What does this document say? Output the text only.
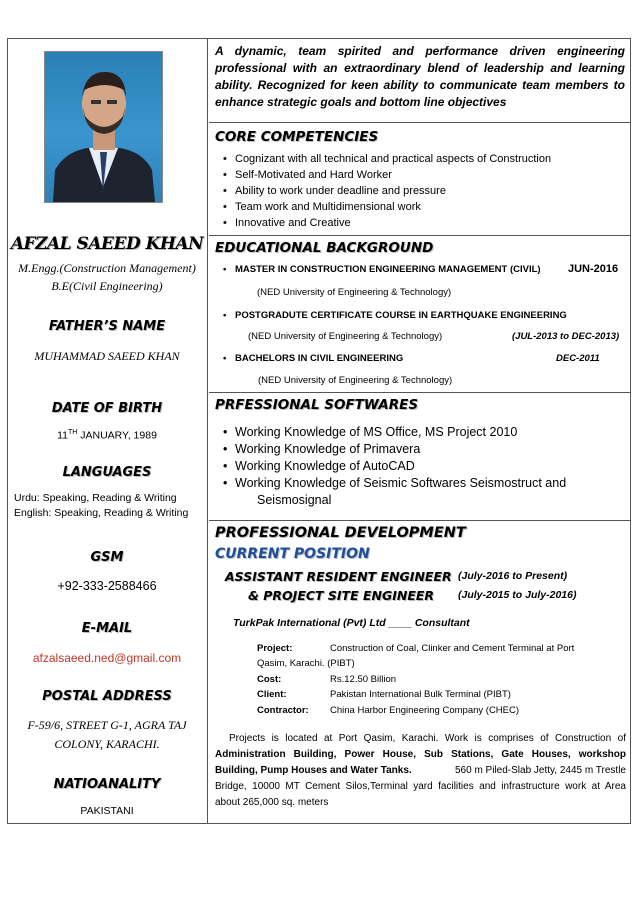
AFZAL SAEED KHAN
M.Engg.(Construction Management)
B.E(Civil Engineering)
FATHER’S NAME
MUHAMMAD SAEED KHAN
DATE OF BIRTH
11TH JANUARY, 1989
LANGUAGES
Urdu: Speaking, Reading & Writing
English: Speaking, Reading & Writing
GSM
+92-333-2588466
E-MAIL
afzalsaeed.ned@gmail.com
POSTAL ADDRESS
F-59/6, STREET G-1, AGRA TAJ
COLONY, KARACHI.
NATIOANALITY
PAKISTANI
A dynamic, team spirited and performance driven engineering professional with an extraordinary blend of leadership and learning ability. Recognized for keen ability to communicate team members to enhance strategic goals and bottom line objectives
CORE COMPETENCIES
• Cognizant with all technical and practical aspects of Construction
• Self-Motivated and Hard Worker
• Ability to work under deadline and pressure
• Team work and Multidimensional work
• Innovative and Creative
EDUCATIONAL BACKGROUND
• MASTER IN CONSTRUCTION ENGINEERING MANAGEMENT (CIVIL) JUN-2016
(NED University of Engineering & Technology)
• POSTGRADUTE CERTIFICATE COURSE IN EARTHQUAKE ENGINEERING
(NED University of Engineering & Technology)	(JUL-2013 to DEC-2013)
• BACHELORS IN CIVIL ENGINEERING	DEC-2011
(NED University of Engineering & Technology)
PRFESSIONAL SOFTWARES
• Working Knowledge of MS Office, MS Project 2010
• Working Knowledge of Primavera
• Working Knowledge of AutoCAD
• Working Knowledge of Seismic Softwares Seismostruct and
Seismosignal
PROFESSIONAL DEVELOPMENT
CURRENT POSITION
ASSISTANT RESIDENT ENGINEER (July-2016 to Present)
& PROJECT SITE ENGINEER (July-2015 to July-2016)
TurkPak International (Pvt) Ltd ____ Consultant
Project:	Construction of Coal, Clinker and Cement Terminal at Port
Qasim, Karachi. (PIBT)
Cost:	Rs.12.50 Billion
Client:	Pakistan International Bulk Terminal (PIBT)
Contractor: China Harbor Engineering Company (CHEC)
Projects is located at Port Qasim, Karachi. Work is comprises of Construction of
Administration Building, Power House, Sub Stations, Gate Houses, workshop
Building, Pump Houses and Water Tanks.	560 m Piled-Slab Jetty, 2445 m Trestle
Bridge, 10000 MT Cement Silos,Terminal yard facilities and infrastructure work at Area
about 265,000 sq. meters
